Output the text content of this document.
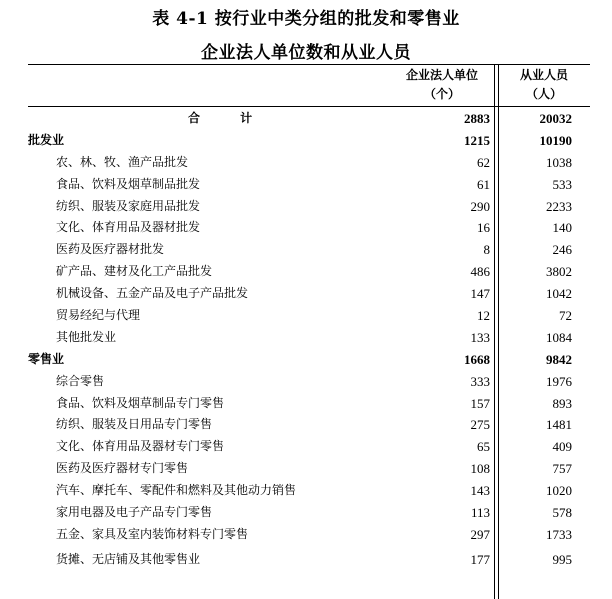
表 4-1 按行业中类分组的批发和零售业
企业法人单位数和从业人员
企业法人单位
（个）
从业人员
（人）
合 计	2883	20032
批发业	1215	10190
农、林、牧、渔产品批发	62	1038
食品、饮料及烟草制品批发	61	533
纺织、服装及家庭用品批发	290	2233
文化、体育用品及器材批发	16	140
医药及医疗器材批发	8	246
矿产品、建材及化工产品批发	486	3802
机械设备、五金产品及电子产品批发	147	1042
贸易经纪与代理	12	72
其他批发业	133	1084
零售业	1668	9842
综合零售	333	1976
食品、饮料及烟草制品专门零售	157	893
纺织、服装及日用品专门零售	275	1481
文化、体育用品及器材专门零售	65	409
医药及医疗器材专门零售	108	757
汽车、摩托车、零配件和燃料及其他动力销售	143	1020
家用电器及电子产品专门零售	113	578
五金、家具及室内装饰材料专门零售	297	1733
货摊、无店铺及其他零售业	177	995
